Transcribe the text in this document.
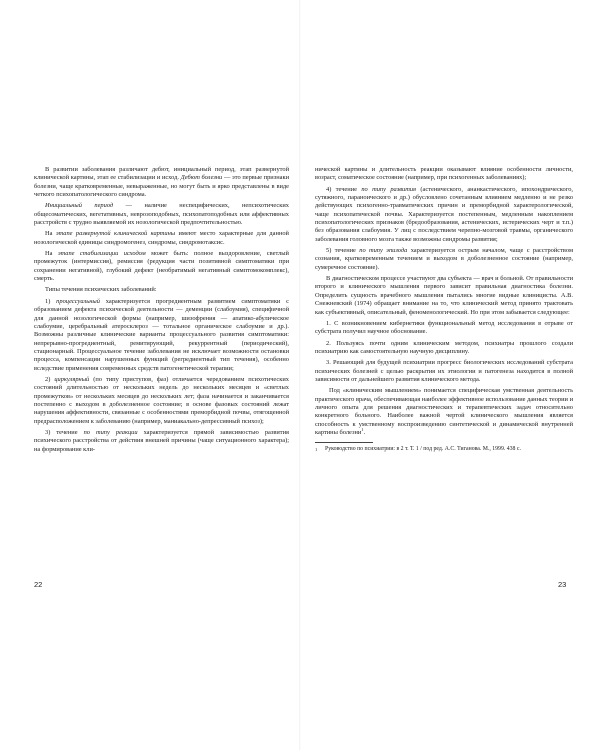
В развитии заболевания различают дебют, инициальный период, этап развернутой клинической картины, этап ее стабилизации и исход. Дебют болезни — это первые признаки болезни, чаще кратковременные, невыраженные, но могут быть и ярко представлены в виде четкого психопатологического синдрома.

Инициальный период — наличие неспецифических, непсихотических общесоматических, вегетативных, неврозоподобных, психопатоподобных или аффективных расстройств с трудно выявляемой их нозологической предпочтительностью.

На этапе развернутой клинической картины имеют место характерные для данной нозологической единицы синдромогенез, синдромы, синдромотаксис.

На этапе стабилизации исходом может быть: полное выздоровление, светлый промежуток (интермиссия), ремиссия (редукция части позитивной симптоматики при сохранении негативной), глубокий дефект (необратимый негативный симптомокомплекс), смерть.

Типы течения психических заболеваний:

1) процессуальный характеризуется прогредиентным развитием симптоматики с образованием дефекта психической деятельности — деменции (слабоумия), специфичной для данной нозологической формы (например, шизофрения — апатико-абулическое слабоумие, церебральный атеросклероз — тотальное органическое слабоумие и др.). Возможны различные клинические варианты процессуального развития симптоматики: непрерывно-прогредиентный, ремитирующий, рекуррентный (периодический), стационарный. Процессуальное течение заболевания не исключает возможности остановки процесса, компенсации нарушенных функций (регредиентный тип течения), особенно вследствие применения современных средств патогенетической терапии;

2) циркулярный (по типу приступов, фаз) отличается чередованием психотических состояний длительностью от нескольких недель до нескольких месяцев и «светлых промежутков» от нескольких месяцев до нескольких лет; фаза начинается и заканчивается постепенно с выходом в доболезненное состояние; в основе фазовых состояний лежат нарушения аффективности, связанные с особенностями преморбидной почвы, отягощенной предрасположением к заболеванию (например, маниакально-депрессивный психоз);

3) течение по типу реакции характеризуется прямой зависимостью развития психического расстройства от действия внешней причины (чаще ситуационного характера); на формирование кли-

22

нической картины и длительность реакции оказывают влияние особенности личности, возраст, соматическое состояние (например, при психогенных заболеваниях);

4) течение по типу развития (астенического, ананкастического, ипохондрического, сутяжного, параноического и др.) обусловлено сочетанным влиянием медленно и не резко действующих психогенно-травматических причин и преморбидной характерологической, чаще психопатической почвы. Характеризуется постепенным, медленным накоплением психопатологических признаков (бредообразования, астенических, истерических черт и т.п.) без образования слабоумия. У лиц с последствием черепно-мозговой травмы, органического заболевания головного мозга также возможны синдромы развития;

5) течение по типу эпизода характеризуется острым началом, чаще с расстройством сознания, кратковременным течением и выходом в доболезненное состояние (например, сумеречное состояние).

В диагностическом процессе участвуют два субъекта — врач и больной. От правильности второго и клинического мышления первого зависит правильная диагностика болезни. Определить сущность врачебного мышления пытались многие видные клиницисты. А.В. Снежневский (1974) обращает внимание на то, что клинический метод принято трактовать как субъективный, описательный, феноменологический. Но при этом забывается следующее:

1. С возникновением кибернетики функциональный метод исследования в отрыве от субстрата получил научное обоснование.

2. Пользуясь почти одним клиническим методом, психиатры прошлого создали психиатрию как самостоятельную научную дисциплину.

3. Решающий для будущей психиатрии прогресс биологических исследований субстрата психических болезней с целью раскрытия их этиологии и патогенеза находится в полной зависимости от дальнейшего развития клинического метода.

Под «клиническим мышлением» понимается специфическая умственная деятельность практического врача, обеспечивающая наиболее эффективное использование данных теории и личного опыта для решения диагностических и терапевтических задач относительно конкретного больного. Наиболее важной чертой клинического мышления является способность к умственному воспроизведению синтетической и динамической внутренней картины болезни$^1$.

1 Руководство по психиатрии: в 2 т. Т. 1 / под ред. А.С. Тиганова. М., 1999. 438 с.
23
